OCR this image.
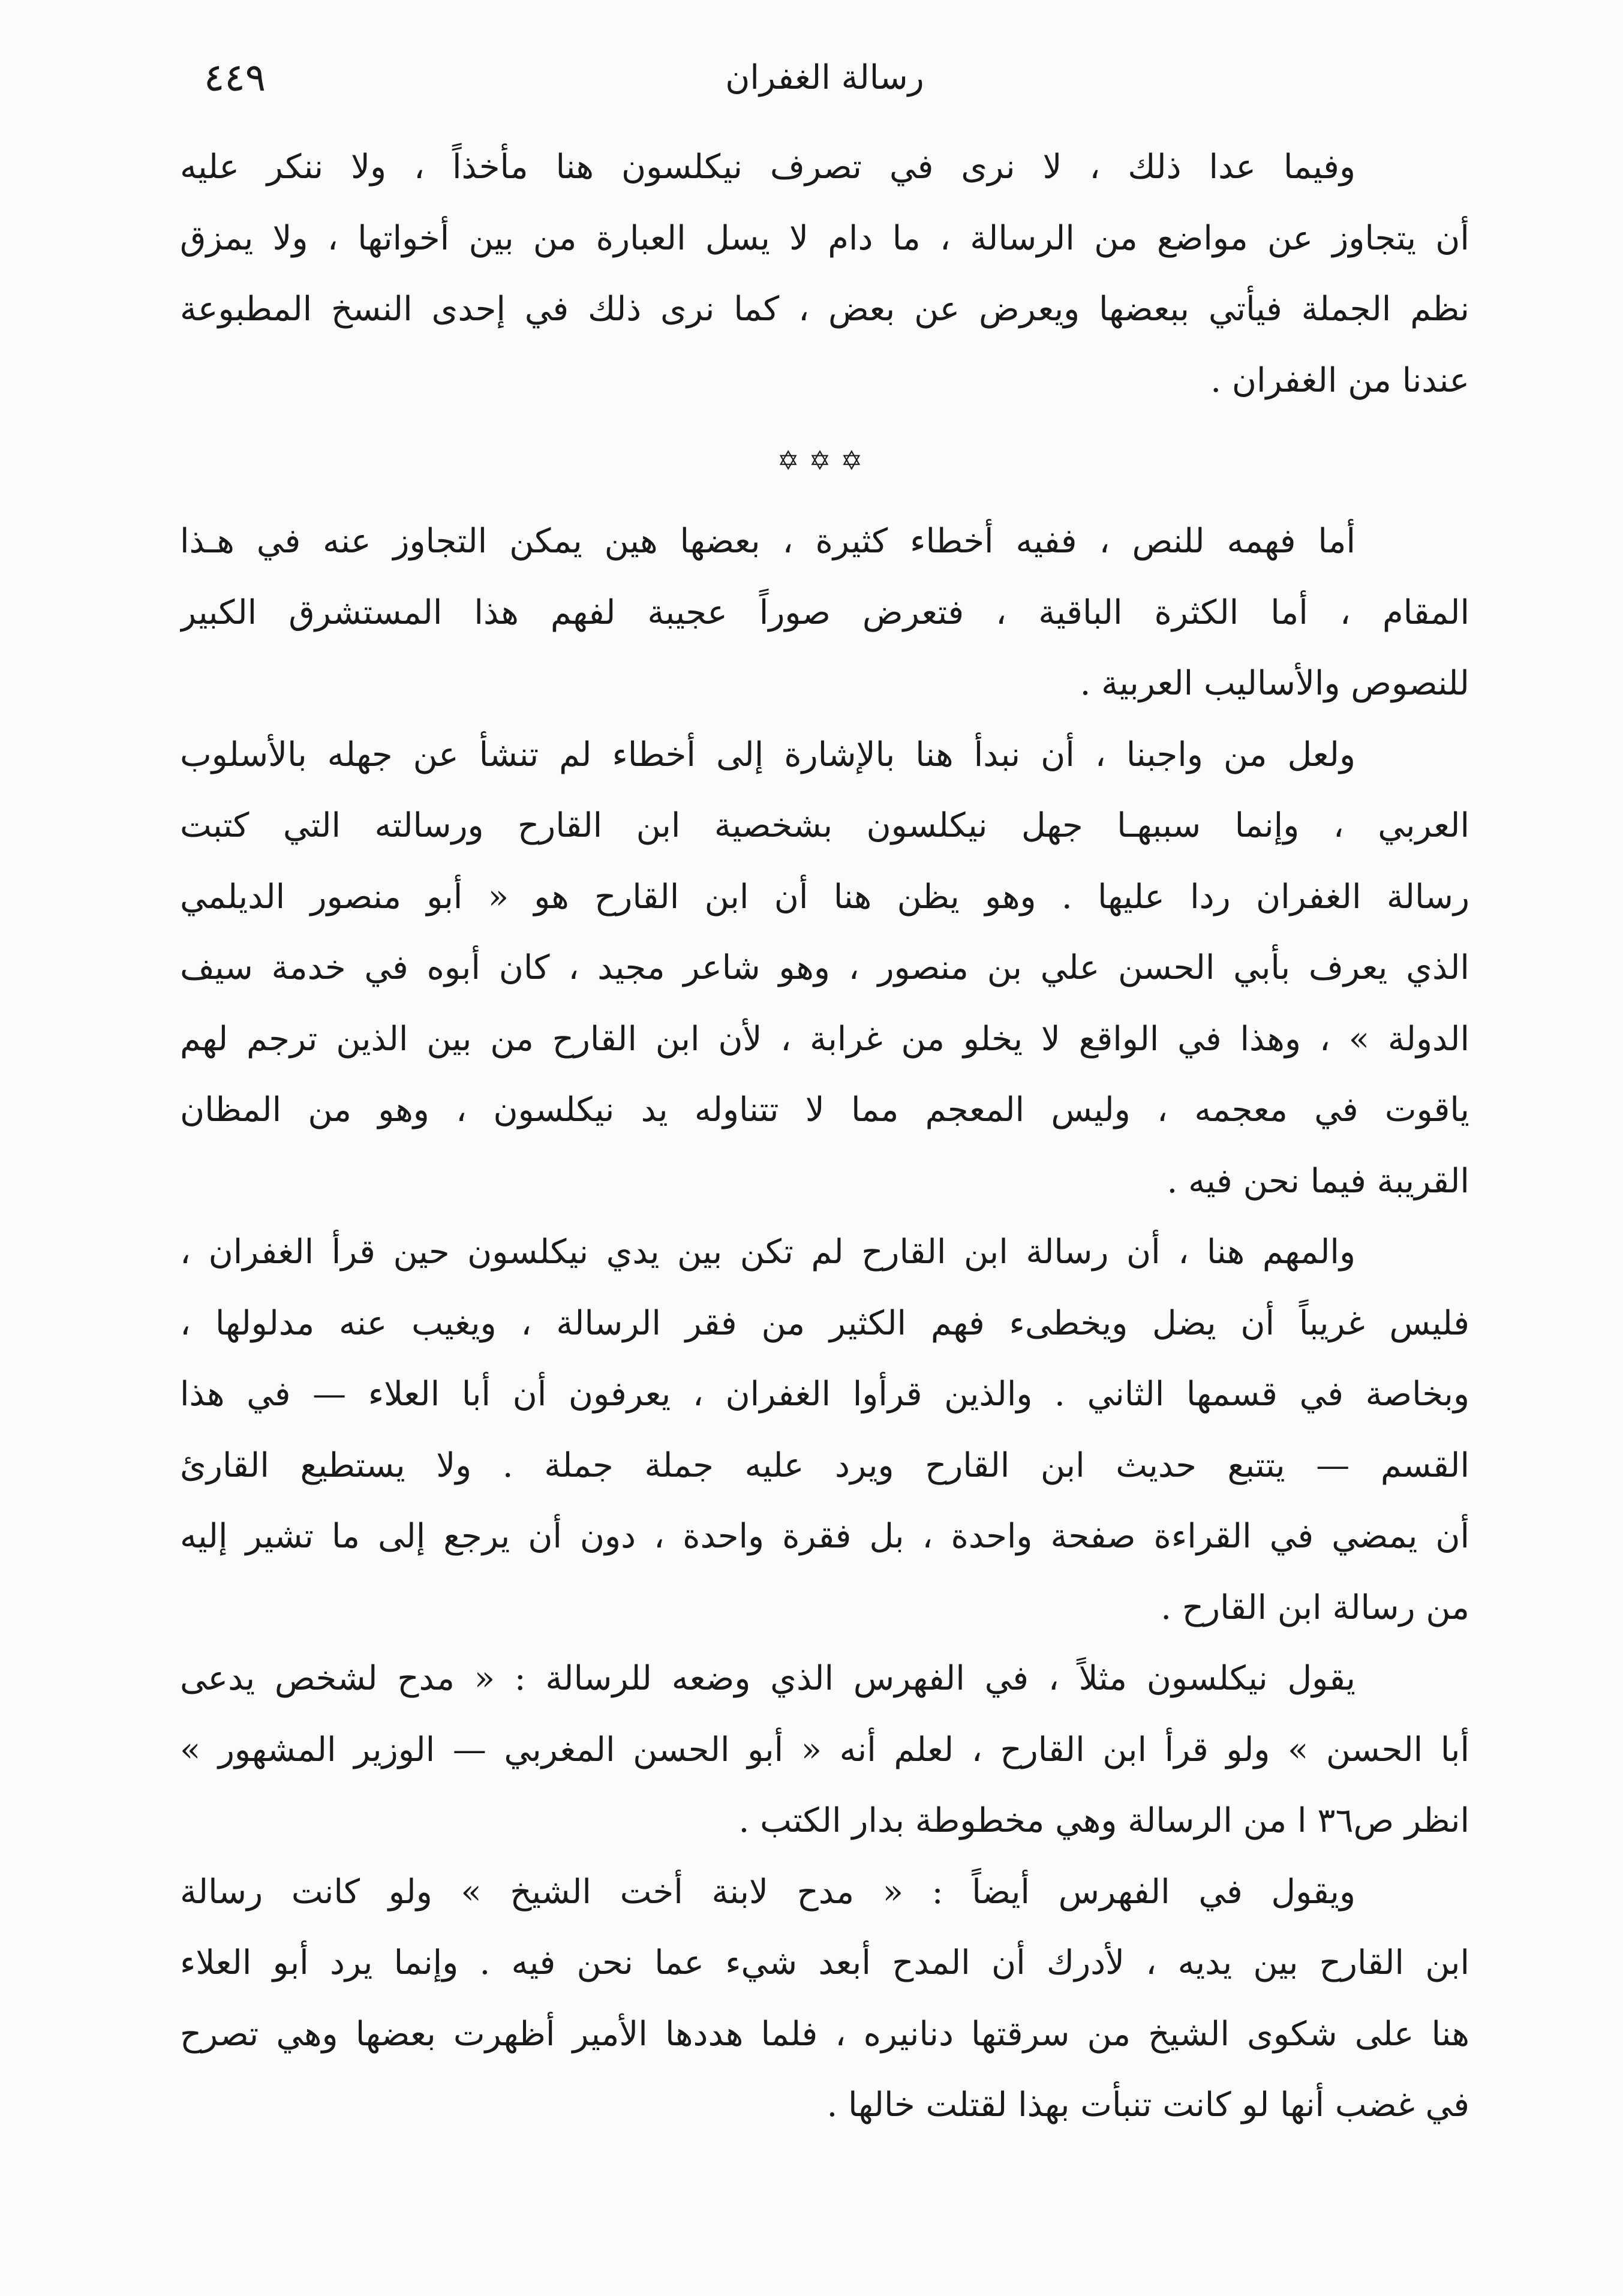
٤٤٩	رسالة الغفران
وفيما عدا ذلك ، لا نرى في تصرف نيكلسون هنا مأخذاً ، ولا ننكر عليه
أن يتجاوز عن مواضع من الرسالة ، ما دام لا يسل العبارة من بين أخواتها ، ولا يمزق
نظم الجملة فيأتي ببعضها ويعرض عن بعض ، كما نرى ذلك في إحدى النسخ المطبوعة
عندنا من الغفران .
✡✡✡
أما فهمه للنص ، ففيه أخطاء كثيرة ، بعضها هين يمكن التجاوز عنه في هـذا
المقام ، أما الكثرة الباقية ، فتعرض صوراً عجيبة لفهم هذا المستشرق الكبير
للنصوص والأساليب العربية .
ولعل من واجبنا ، أن نبدأ هنا بالإشارة إلى أخطاء لم تنشأ عن جهله بالأسلوب
العربي ، وإنما سببهـا جهل نيكلسون بشخصية ابن القارح ورسالته التي كتبت
رسالة الغفران ردا عليها . وهو يظن هنا أن ابن القارح هو « أبو منصور الديلمي
الذي يعرف بأبي الحسن علي بن منصور ، وهو شاعر مجيد ، كان أبوه في خدمة سيف
الدولة » ، وهذا في الواقع لا يخلو من غرابة ، لأن ابن القارح من بين الذين ترجم لهم
ياقوت في معجمه ، وليس المعجم مما لا تتناوله يد نيكلسون ، وهو من المظان
القريبة فيما نحن فيه .
والمهم هنا ، أن رسالة ابن القارح لم تكن بين يدي نيكلسون حين قرأ الغفران ،
فليس غريباً أن يضل ويخطىء فهم الكثير من فقر الرسالة ، ويغيب عنه مدلولها ،
وبخاصة في قسمها الثاني . والذين قرأوا الغفران ، يعرفون أن أبا العلاء — في هذا
القسم — يتتبع حديث ابن القارح ويرد عليه جملة جملة . ولا يستطيع القارئ
أن يمضي في القراءة صفحة واحدة ، بل فقرة واحدة ، دون أن يرجع إلى ما تشير إليه
من رسالة ابن القارح .
يقول نيكلسون مثلاً ، في الفهرس الذي وضعه للرسالة : « مدح لشخص يدعى
أبا الحسن » ولو قرأ ابن القارح ، لعلم أنه « أبو الحسن المغربي — الوزير المشهور »
انظر ص٣٦ ا من الرسالة وهي مخطوطة بدار الكتب .
ويقول في الفهرس أيضاً : « مدح لابنة أخت الشيخ » ولو كانت رسالة
ابن القارح بين يديه ، لأدرك أن المدح أبعد شيء عما نحن فيه . وإنما يرد أبو العلاء
هنا على شكوى الشيخ من سرقتها دنانيره ، فلما هددها الأمير أظهرت بعضها وهي تصرح
في غضب أنها لو كانت تنبأت بهذا لقتلت خالها .
